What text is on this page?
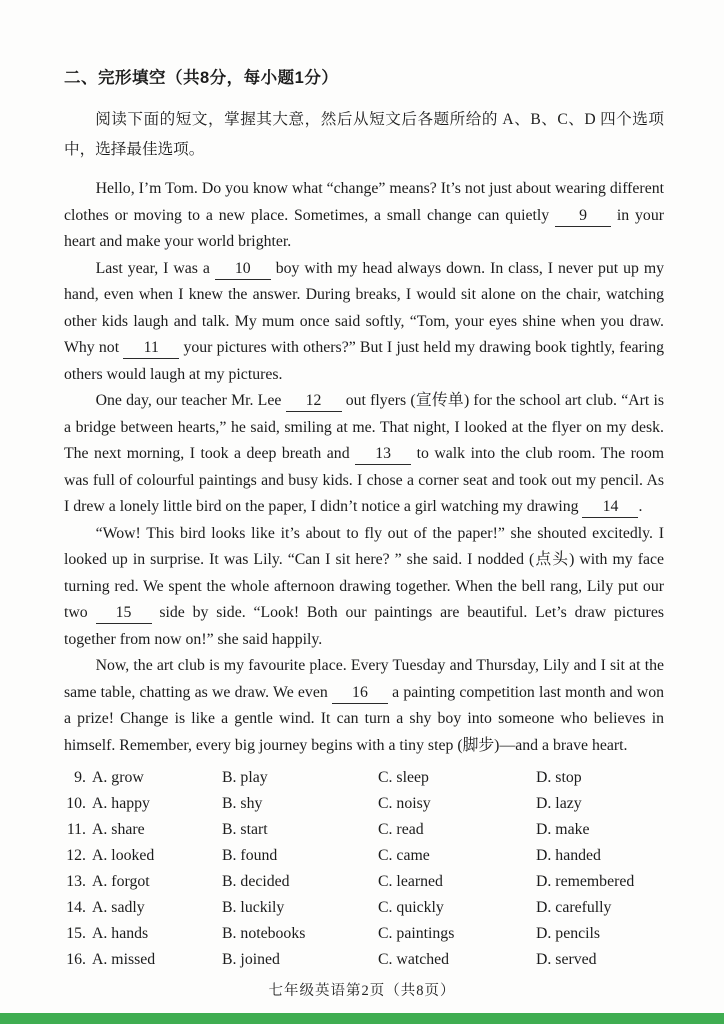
二、完形填空（共8分，每小题1分）

阅读下面的短文，掌握其大意，然后从短文后各题所给的 A、B、C、D 四个选项中，选择最佳选项。

Hello, I’m Tom. Do you know what “change” means? It’s not just about wearing different clothes or moving to a new place. Sometimes, a small change can quietly 9 in your heart and make your world brighter.

Last year, I was a 10 boy with my head always down. In class, I never put up my hand, even when I knew the answer. During breaks, I would sit alone on the chair, watching other kids laugh and talk. My mum once said softly, “Tom, your eyes shine when you draw. Why not 11 your pictures with others?” But I just held my drawing book tightly, fearing others would laugh at my pictures.

One day, our teacher Mr. Lee 12 out flyers (宣传单) for the school art club. “Art is a bridge between hearts,” he said, smiling at me. That night, I looked at the flyer on my desk. The next morning, I took a deep breath and 13 to walk into the club room. The room was full of colourful paintings and busy kids. I chose a corner seat and took out my pencil. As I drew a lonely little bird on the paper, I didn’t notice a girl watching my drawing 14 .

“Wow! This bird looks like it’s about to fly out of the paper!” she shouted excitedly. I looked up in surprise. It was Lily. “Can I sit here? ” she said. I nodded (点头) with my face turning red. We spent the whole afternoon drawing together. When the bell rang, Lily put our two 15 side by side. “Look! Both our paintings are beautiful. Let’s draw pictures together from now on!” she said happily.

Now, the art club is my favourite place. Every Tuesday and Thursday, Lily and I sit at the same table, chatting as we draw. We even 16 a painting competition last month and won a prize! Change is like a gentle wind. It can turn a shy boy into someone who believes in himself. Remember, every big journey begins with a tiny step (脚步)—and a brave heart.

9. A. grow	B. play	C. sleep	D. stop
10. A. happy	B. shy	C. noisy	D. lazy
11. A. share	B. start	C. read	D. make
12. A. looked	B. found	C. came	D. handed
13. A. forgot	B. decided	C. learned	D. remembered
14. A. sadly	B. luckily	C. quickly	D. carefully
15. A. hands	B. notebooks	C. paintings	D. pencils
16. A. missed	B. joined	C. watched	D. served
七年级英语第2页（共8页）
